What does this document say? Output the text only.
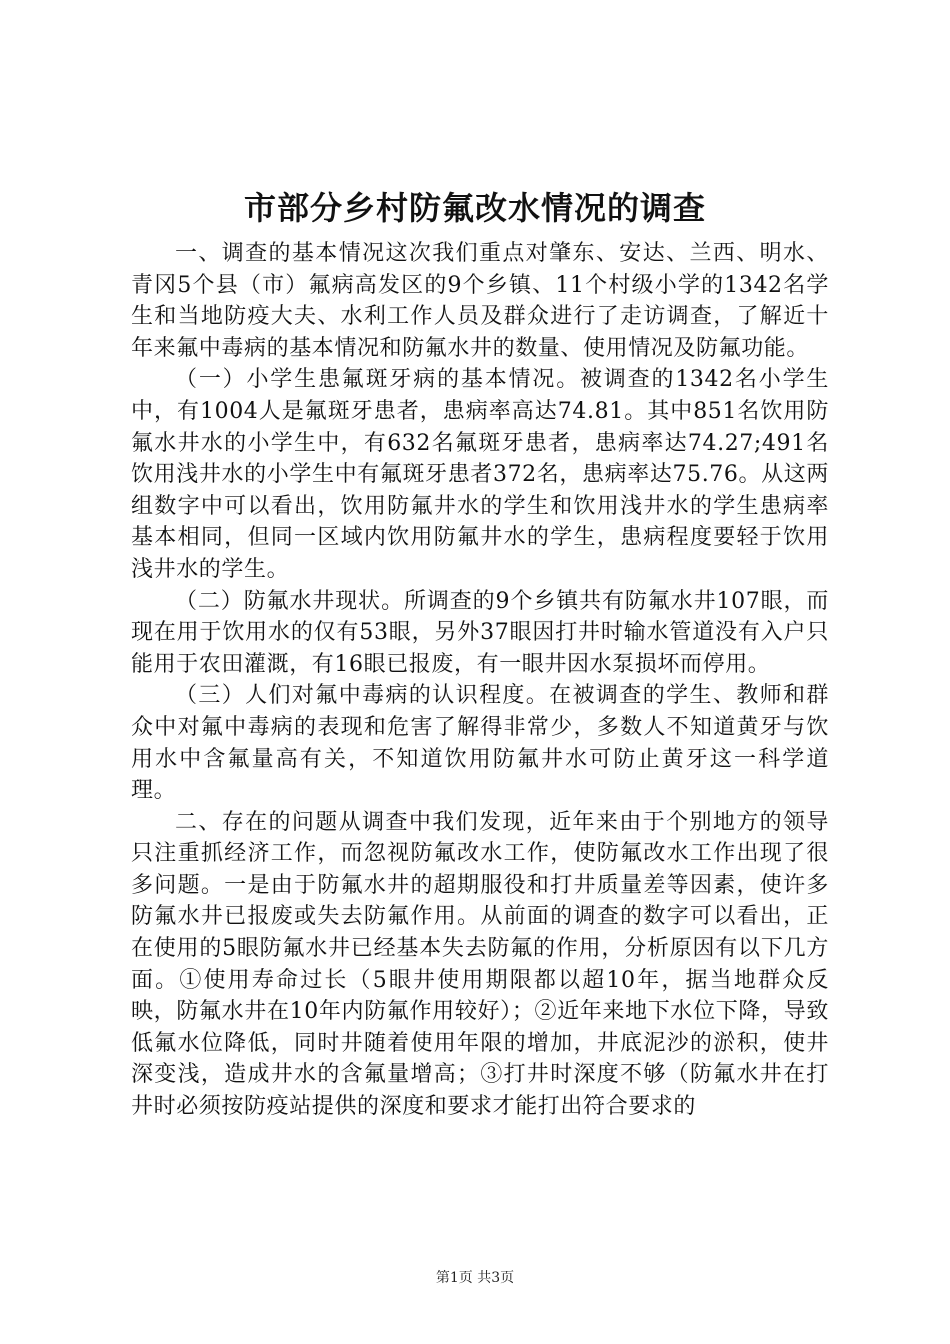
市部分乡村防氟改水情况的调查

一、调查的基本情况这次我们重点对肇东、安达、兰西、明水、青冈5个县（市）氟病高发区的9个乡镇、11个村级小学的1342名学生和当地防疫大夫、水利工作人员及群众进行了走访调查，了解近十年来氟中毒病的基本情况和防氟水井的数量、使用情况及防氟功能。

（一）小学生患氟斑牙病的基本情况。被调查的1342名小学生中，有1004人是氟斑牙患者，患病率高达74.81。其中851名饮用防氟水井水的小学生中，有632名氟斑牙患者，患病率达74.27;491名饮用浅井水的小学生中有氟斑牙患者372名，患病率达75.76。从这两组数字中可以看出，饮用防氟井水的学生和饮用浅井水的学生患病率基本相同，但同一区域内饮用防氟井水的学生，患病程度要轻于饮用浅井水的学生。

（二）防氟水井现状。所调查的9个乡镇共有防氟水井107眼，而现在用于饮用水的仅有53眼，另外37眼因打井时输水管道没有入户只能用于农田灌溉，有16眼已报废，有一眼井因水泵损坏而停用。

（三）人们对氟中毒病的认识程度。在被调查的学生、教师和群众中对氟中毒病的表现和危害了解得非常少，多数人不知道黄牙与饮用水中含氟量高有关，不知道饮用防氟井水可防止黄牙这一科学道理。

二、存在的问题从调查中我们发现，近年来由于个别地方的领导只注重抓经济工作，而忽视防氟改水工作，使防氟改水工作出现了很多问题。一是由于防氟水井的超期服役和打井质量差等因素，使许多防氟水井已报废或失去防氟作用。从前面的调查的数字可以看出，正在使用的5眼防氟水井已经基本失去防氟的作用，分析原因有以下几方面。①使用寿命过长（5眼井使用期限都以超10年，据当地群众反映，防氟水井在10年内防氟作用较好）；②近年来地下水位下降，导致低氟水位降低，同时井随着使用年限的增加，井底泥沙的淤积，使井深变浅，造成井水的含氟量增高；③打井时深度不够（防氟水井在打井时必须按防疫站提供的深度和要求才能打出符合要求的

第1页 共3页
